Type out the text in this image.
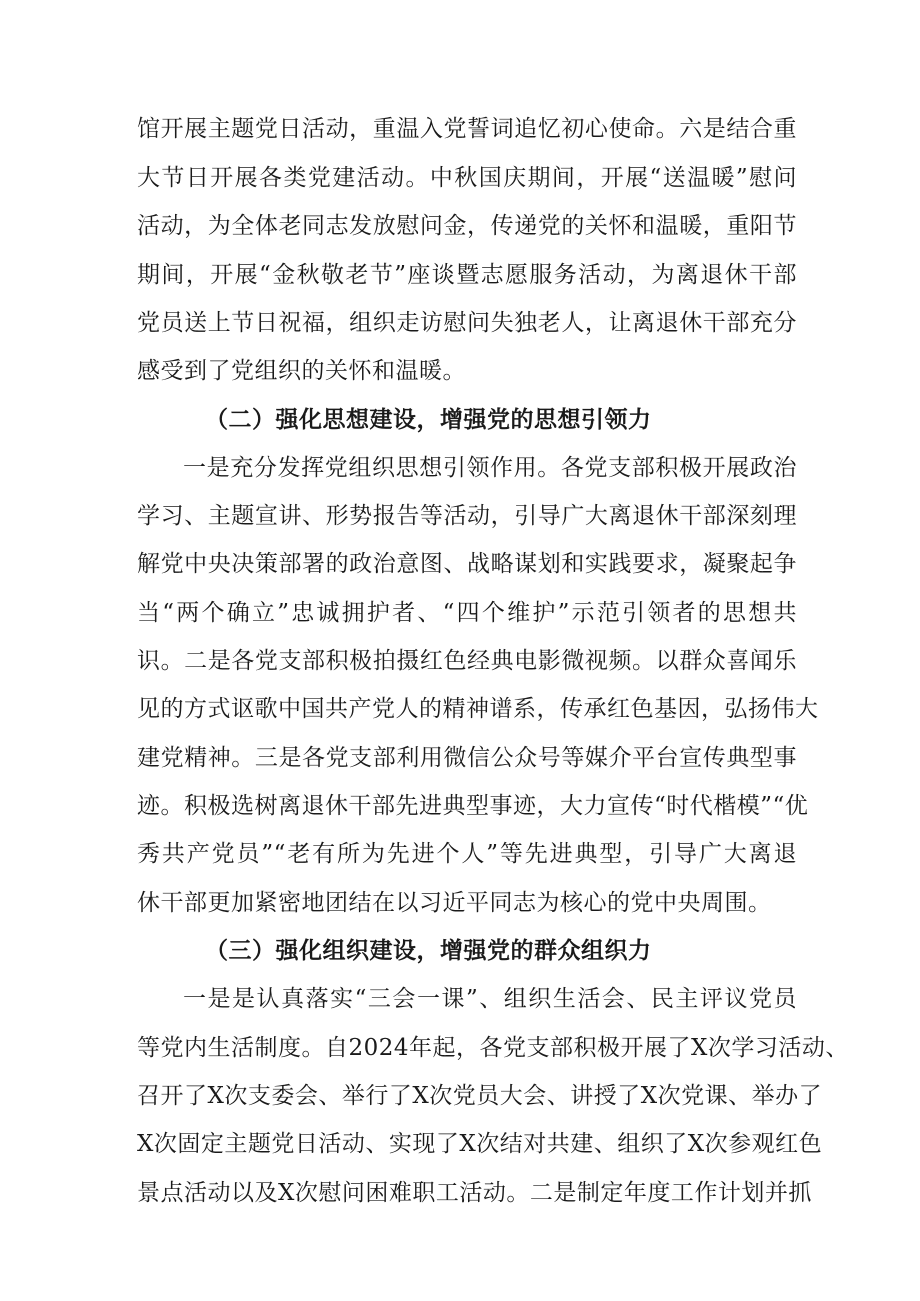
馆开展主题党日活动，重温入党誓词追忆初心使命。六是结合重
大节日开展各类党建活动。中秋国庆期间，开展“送温暖”慰问
活动，为全体老同志发放慰问金，传递党的关怀和温暖，重阳节
期间，开展“金秋敬老节”座谈暨志愿服务活动，为离退休干部
党员送上节日祝福，组织走访慰问失独老人，让离退休干部充分
感受到了党组织的关怀和温暖。
（二）强化思想建设，增强党的思想引领力
一是充分发挥党组织思想引领作用。各党支部积极开展政治
学习、主题宣讲、形势报告等活动，引导广大离退休干部深刻理
解党中央决策部署的政治意图、战略谋划和实践要求，凝聚起争
当“两个确立”忠诚拥护者、“四个维护”示范引领者的思想共
识。二是各党支部积极拍摄红色经典电影微视频。以群众喜闻乐
见的方式讴歌中国共产党人的精神谱系，传承红色基因，弘扬伟大
建党精神。三是各党支部利用微信公众号等媒介平台宣传典型事
迹。积极选树离退休干部先进典型事迹，大力宣传“时代楷模”“优
秀共产党员”“老有所为先进个人”等先进典型，引导广大离退
休干部更加紧密地团结在以习近平同志为核心的党中央周围。
（三）强化组织建设，增强党的群众组织力
一是是认真落实“三会一课”、组织生活会、民主评议党员
等党内生活制度。自2024年起，各党支部积极开展了X次学习活动、
召开了X次支委会、举行了X次党员大会、讲授了X次党课、举办了
X次固定主题党日活动、实现了X次结对共建、组织了X次参观红色
景点活动以及X次慰问困难职工活动。二是制定年度工作计划并抓
